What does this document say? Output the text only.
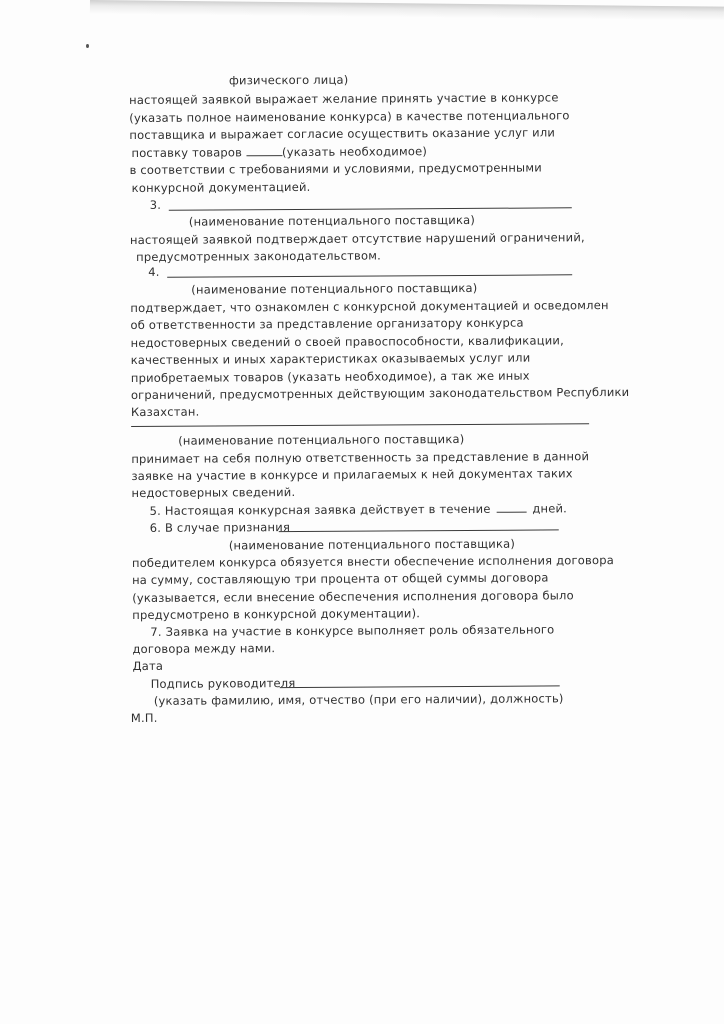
физического лица)
настоящей заявкой выражает желание принять участие в конкурсе
(указать полное наименование конкурса) в качестве потенциального
поставщика и выражает согласие осуществить оказание услуг или
поставку товаров	(указать необходимое)
в соответствии с требованиями и условиями, предусмотренными
конкурсной документацией.
3.
(наименование потенциального поставщика)
настоящей заявкой подтверждает отсутствие нарушений ограничений,
предусмотренных законодательством.
4.
(наименование потенциального поставщика)
подтверждает, что ознакомлен с конкурсной документацией и осведомлен
об ответственности за представление организатору конкурса
недостоверных сведений о своей правоспособности, квалификации,
качественных и иных характеристиках оказываемых услуг или
приобретаемых товаров (указать необходимое), а так же иных
ограничений, предусмотренных действующим законодательством Республики
Казахстан.
(наименование потенциального поставщика)
принимает на себя полную ответственность за представление в данной
заявке на участие в конкурсе и прилагаемых к ней документах таких
недостоверных сведений.
5. Настоящая конкурсная заявка действует в течение	дней.
6. В случае признания
(наименование потенциального поставщика)
победителем конкурса обязуется внести обеспечение исполнения договора
на сумму, составляющую три процента от общей суммы договора
(указывается, если внесение обеспечения исполнения договора было
предусмотрено в конкурсной документации).
7. Заявка на участие в конкурсе выполняет роль обязательного
договора между нами.
Дата
Подпись руководителя
(указать фамилию, имя, отчество (при его наличии), должность)
М.П.
